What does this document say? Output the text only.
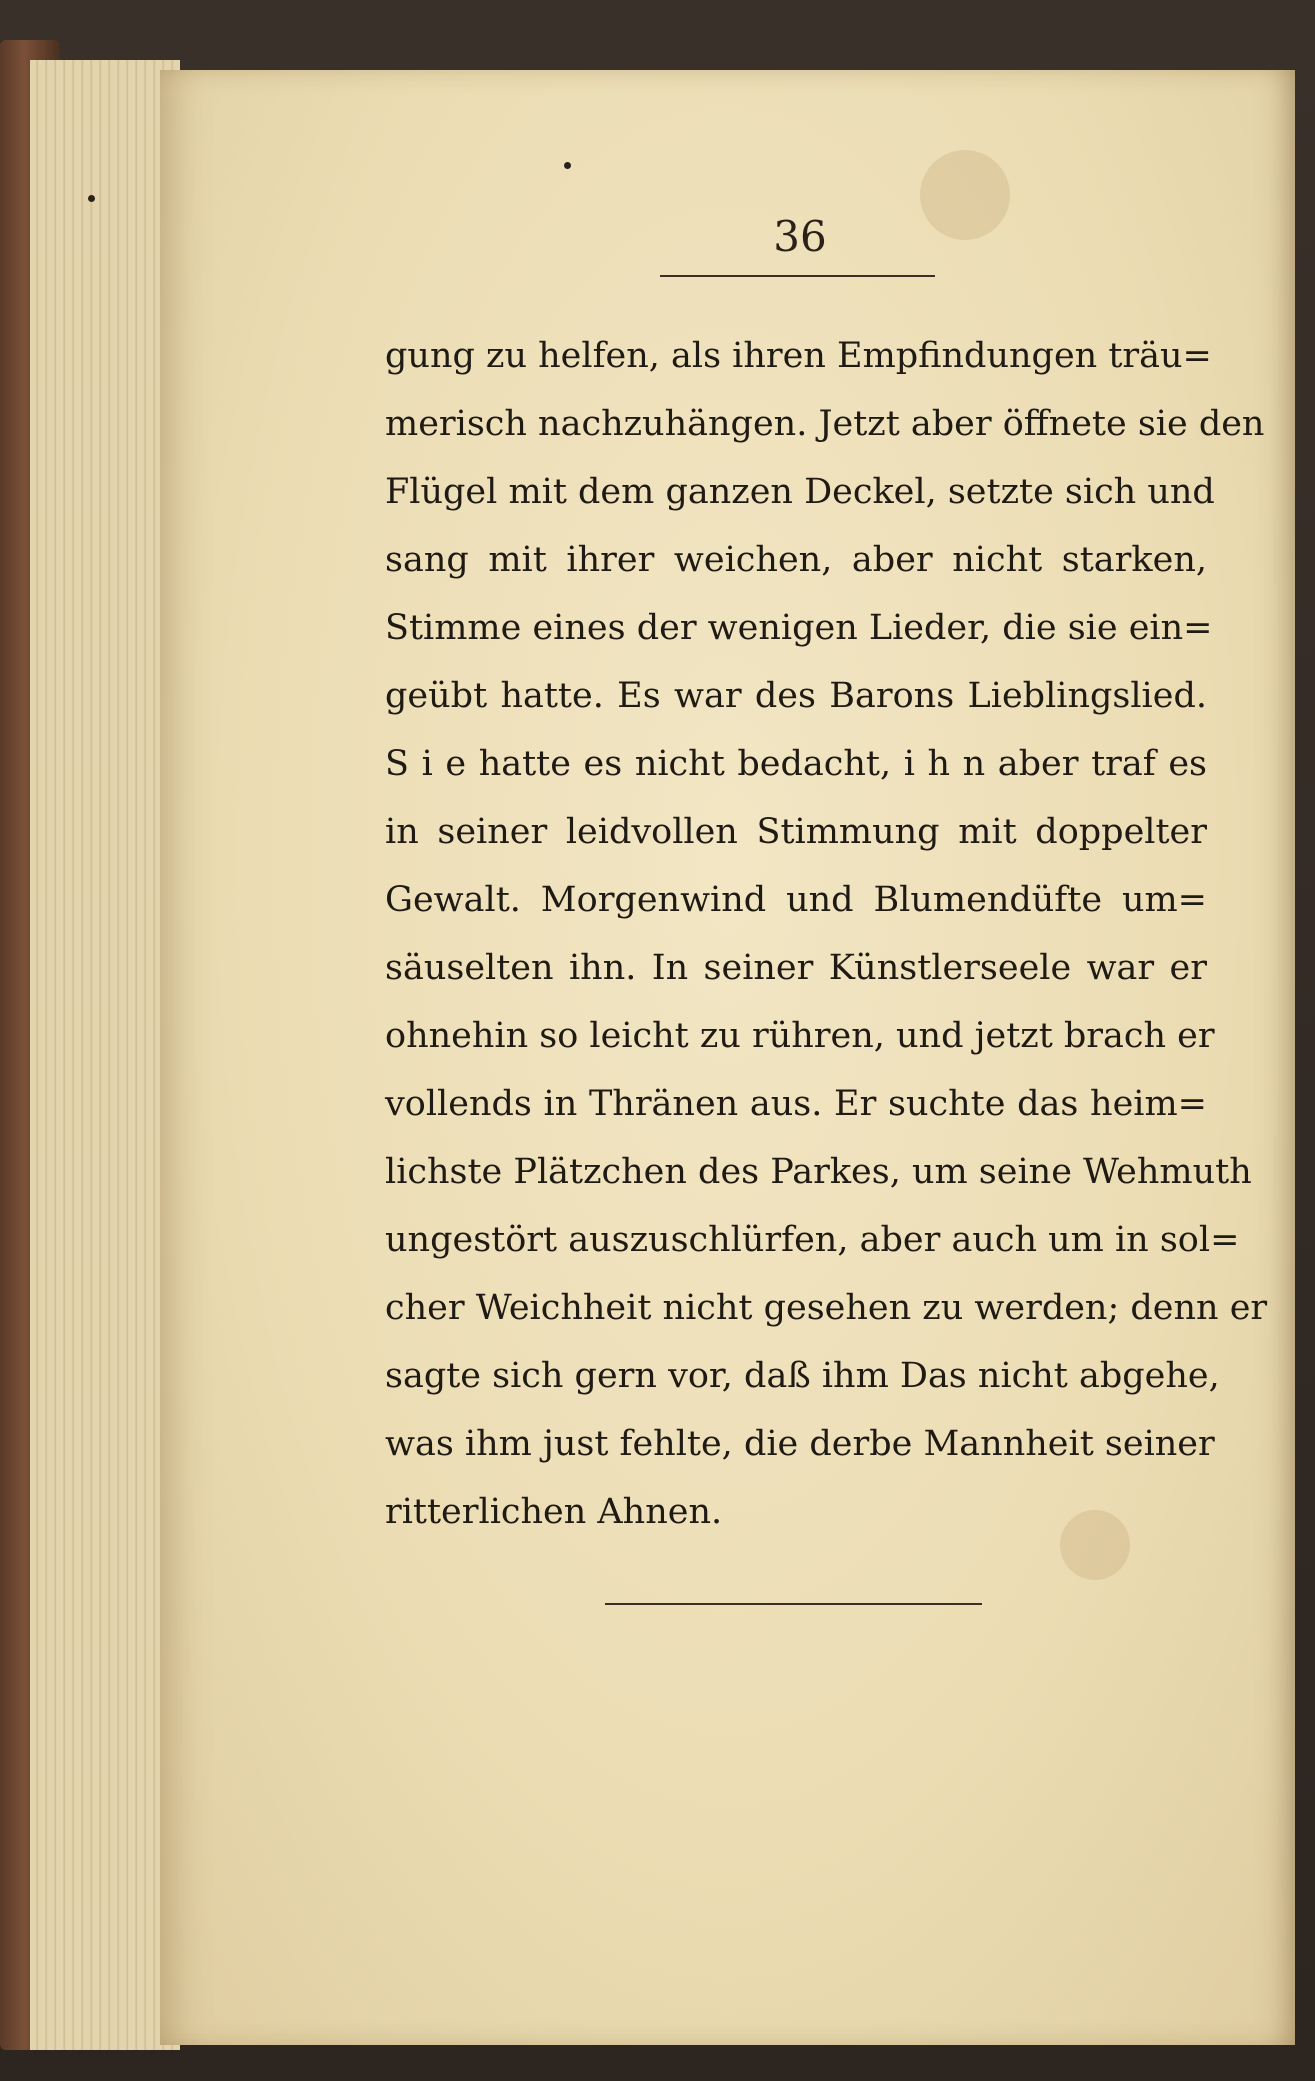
36
gung zu helfen, als ihren Empfindungen träu=
merisch nachzuhängen. Jetzt aber öffnete sie den
Flügel mit dem ganzen Deckel, setzte sich und
sang mit ihrer weichen, aber nicht starken,
Stimme eines der wenigen Lieder, die sie ein=
geübt hatte. Es war des Barons Lieblingslied.
S i e hatte es nicht bedacht, i h n aber traf es
in seiner leidvollen Stimmung mit doppelter
Gewalt. Morgenwind und Blumendüfte um=
säuselten ihn. In seiner Künstlerseele war er
ohnehin so leicht zu rühren, und jetzt brach er
vollends in Thränen aus. Er suchte das heim=
lichste Plätzchen des Parkes, um seine Wehmuth
ungestört auszuschlürfen, aber auch um in sol=
cher Weichheit nicht gesehen zu werden; denn er
sagte sich gern vor, daß ihm Das nicht abgehe,
was ihm just fehlte, die derbe Mannheit seiner
ritterlichen Ahnen.
